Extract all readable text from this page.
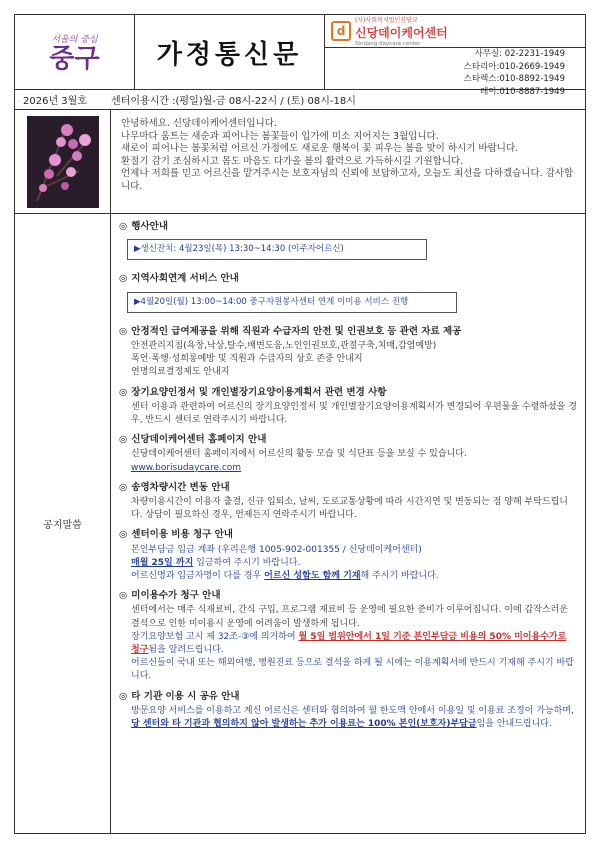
서울의 중심
중구	가정통신문
d
(사)사회복지법인신당교
신당데이케어센터
Sindang daycare center
사무실: 02-2231-1949
스타리아:010-2669-1949
스타렉스:010-8892-1949
레이:010-8887-1949
2026년 3월호	센터이용시간 :(평일)월-금 08시-22시 / (토) 08시-18시

안녕하세요. 신당데이케어센터입니다.

나무마다 움트는 새순과 피어나는 봄꽃들이 입가에 미소 지어지는 3월입니다.

새로이 피어나는 봄꽃처럼 어르신 가정에도 새로운 행복이 꽃 피우는 봄을 맞이 하시기 바랍니다.

환절기 감기 조심하시고 몸도 마음도 다가올 봄의 활력으로 가득하시길 기원합니다.

언제나 저희를 믿고 어르신을 맡겨주시는 보호자님의 신뢰에 보답하고자, 오늘도 최선을 다하겠습니다. 감사합니다.

공지말씀
◎ 행사안내
▶생신잔치: 4월23일(목) 13:30~14:30 (이주자어르신)
◎ 지역사회연계 서비스 안내
▶4월20일(월) 13:00~14:00 중구자원봉사센터 연계 이미용 서비스 진행
◎ 안정적인 급여제공을 위해 직원과 수급자의 안전 및 인권보호 등 관련 자료 제공
안전관리지침(욕창,낙상,탈수,배변도움,노인인권보호,관절구축,치매,감염예방)
폭언·폭행·성희롱예방 및 직원과 수급자의 상호 존중 안내지
연명의료결정제도 안내지
◎ 장기요양인정서 및 개인별장기요양이용계획서 관련 변경 사항
센터 이용과 관련하여 어르신의 장기요양인정서 및 개인별장기요양이용계획서가 변경되어 우편물을 수령하셨을 경우, 반드시 센터로 연락주시기 바랍니다.
◎ 신당데이케어센터 홈페이지 안내
신당데이케어센터 홈페이지에서 어르신의 활동 모습 및 식단표 등을 보실 수 있습니다.
www.borisudaycare.com
◎ 송영차량시간 변동 안내
차량이용시간이 이용자 출결, 신규 입퇴소, 날씨, 도로교통상황에 따라 시간지연 및 변동되는 점 양해 부탁드립니다. 상담이 필요하신 경우, 언제든지 연락주시기 바랍니다.
◎ 센터이용 비용 청구 안내
본인부담금 입금 계좌 (우리은행 1005-902-001355 / 신당데이케어센터)
매월 25일 까지 입금하여 주시기 바랍니다.
어르신명과 입금자명이 다를 경우 어르신 성함도 함께 기재해 주시기 바랍니다.
◎ 미이용수가 청구 안내
센터에서는 매주 식재료비, 간식 구입, 프로그램 재료비 등 운영에 필요한 준비가 이루어집니다. 이에 갑작스러운 결석으로 인한 미이용시 운영에 어려움이 발생하게 됩니다.
장기요양보험 고시 제 32조-③에 의거하여 월 5일 범위안에서 1일 기준 본인부담금 비용의 50% 미이용수가로 청구됨을 알려드립니다.
어르신들이 국내 또는 해외여행, 병원진료 등으로 결석을 하게 될 시에는 이용계획서에 반드시 기재해 주시기 바랍니다.
◎ 타 기관 이용 시 공유 안내
방문요양 서비스를 이용하고 계신 어르신은 센터와 협의하여 월 한도액 안에서 이용일 및 이용료 조정이 가능하며, 당 센터와 타 기관과 협의하지 않아 발생하는 추가 이용료는 100% 본인(보호자)부담금임을 안내드립니다.
